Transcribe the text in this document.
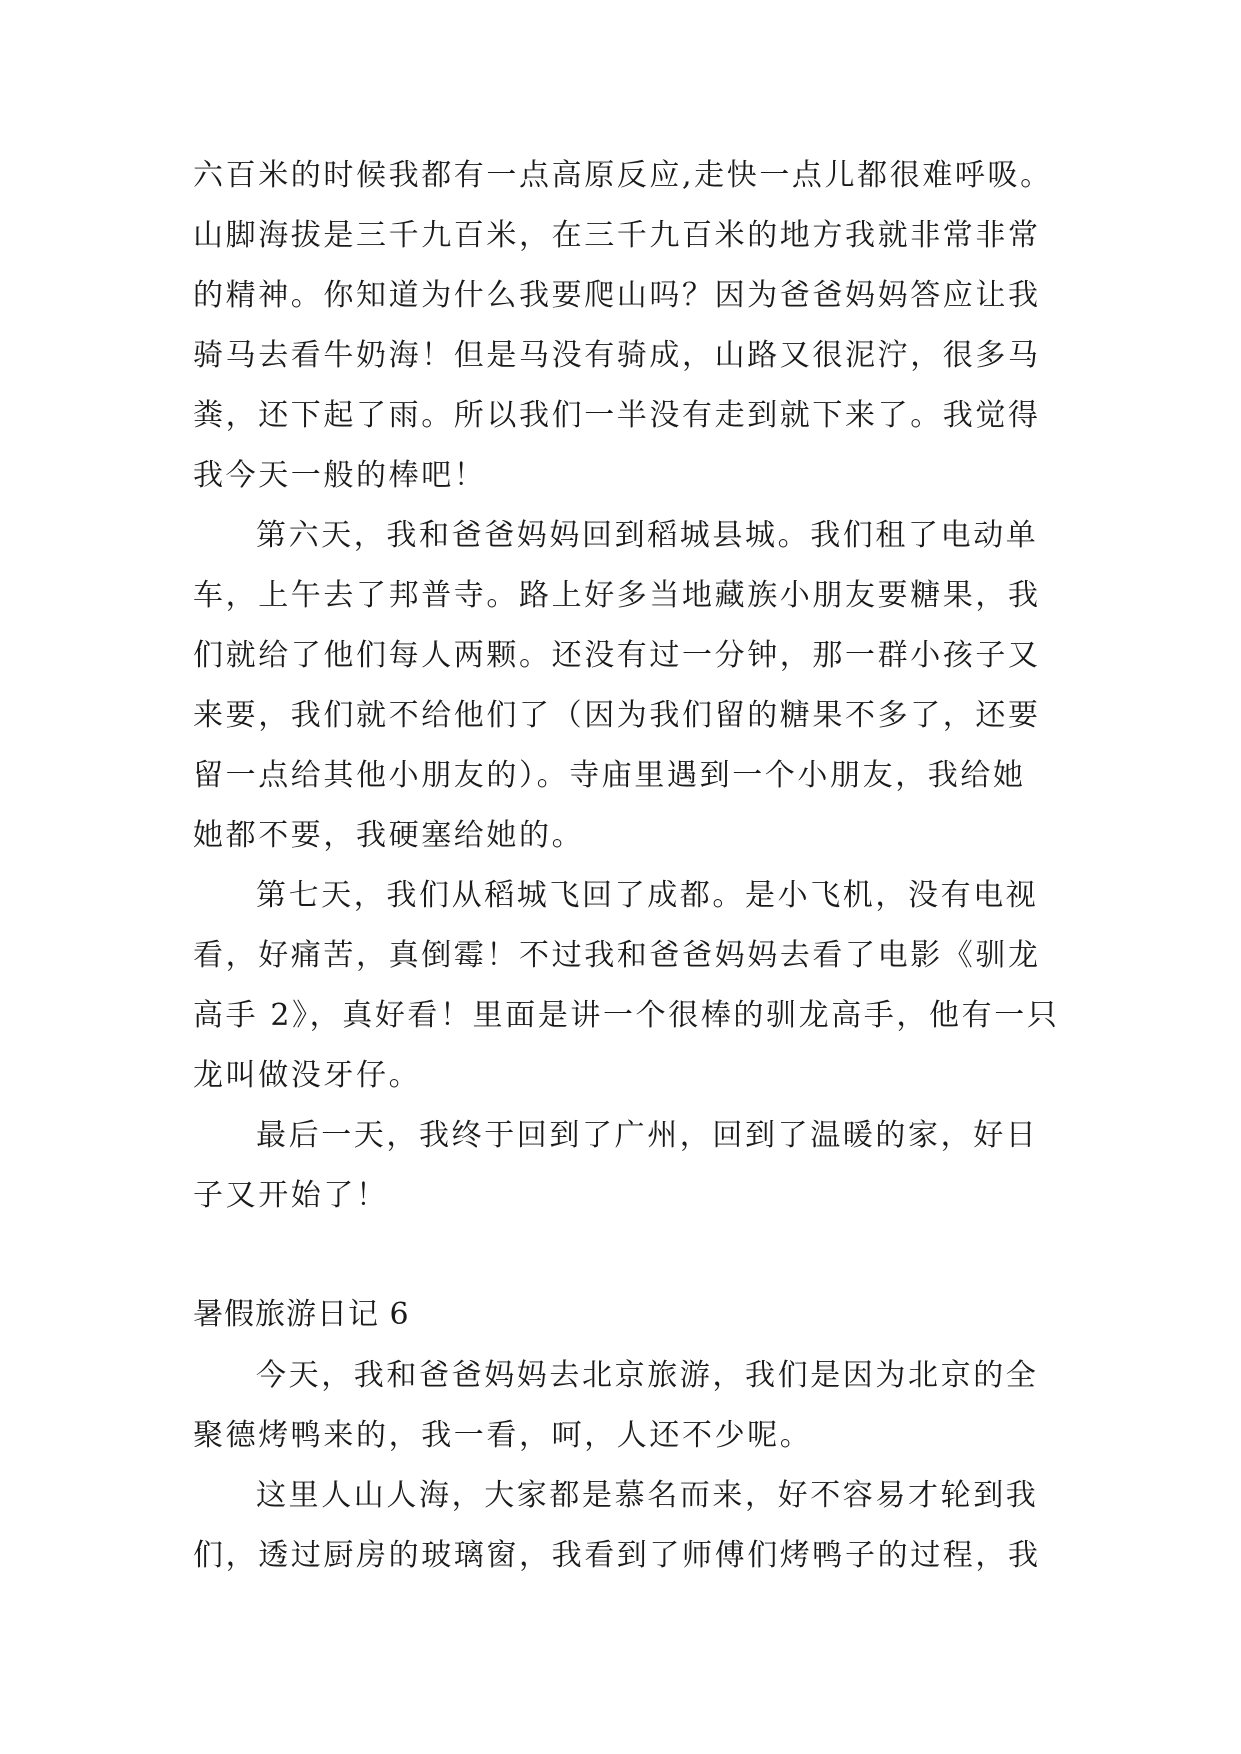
六百米的时候我都有一点高原反应,走快一点儿都很难呼吸。
山脚海拔是三千九百米，在三千九百米的地方我就非常非常
的精神。你知道为什么我要爬山吗？因为爸爸妈妈答应让我
骑马去看牛奶海！但是马没有骑成，山路又很泥泞，很多马
粪，还下起了雨。所以我们一半没有走到就下来了。我觉得
我今天一般的棒吧！
第六天，我和爸爸妈妈回到稻城县城。我们租了电动单
车，上午去了邦普寺。路上好多当地藏族小朋友要糖果，我
们就给了他们每人两颗。还没有过一分钟，那一群小孩子又
来要，我们就不给他们了（因为我们留的糖果不多了，还要
留一点给其他小朋友的）。寺庙里遇到一个小朋友，我给她
她都不要，我硬塞给她的。
第七天，我们从稻城飞回了成都。是小飞机，没有电视
看，好痛苦，真倒霉！不过我和爸爸妈妈去看了电影《驯龙
高手 2》，真好看！里面是讲一个很棒的驯龙高手，他有一只
龙叫做没牙仔。
最后一天，我终于回到了广州，回到了温暖的家，好日
子又开始了！
暑假旅游日记 6
今天，我和爸爸妈妈去北京旅游，我们是因为北京的全
聚德烤鸭来的，我一看，呵，人还不少呢。
这里人山人海，大家都是慕名而来，好不容易才轮到我
们，透过厨房的玻璃窗，我看到了师傅们烤鸭子的过程，我
